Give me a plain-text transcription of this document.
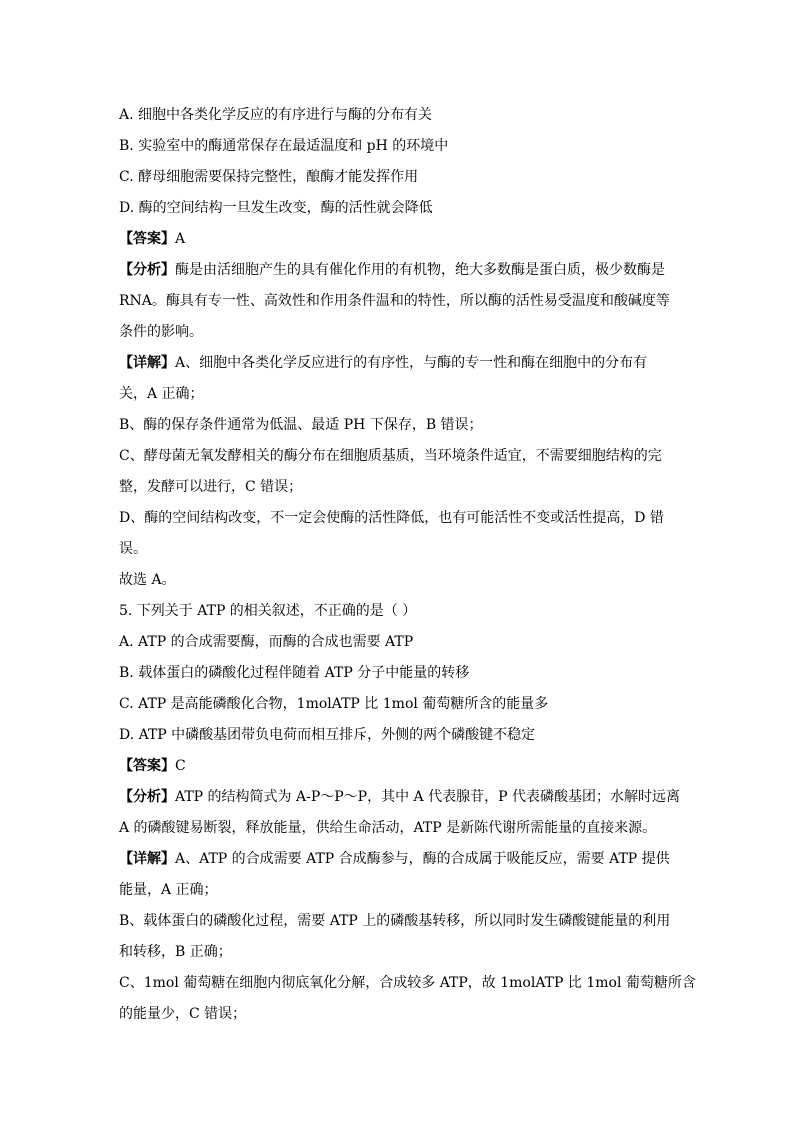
A. 细胞中各类化学反应的有序进行与酶的分布有关
B. 实验室中的酶通常保存在最适温度和 pH 的环境中
C. 酵母细胞需要保持完整性，酿酶才能发挥作用
D. 酶的空间结构一旦发生改变，酶的活性就会降低
【答案】A
【分析】酶是由活细胞产生的具有催化作用的有机物，绝大多数酶是蛋白质，极少数酶是
RNA。酶具有专一性、高效性和作用条件温和的特性，所以酶的活性易受温度和酸碱度等
条件的影响。
【详解】A、细胞中各类化学反应进行的有序性，与酶的专一性和酶在细胞中的分布有
关，A 正确；
B、酶的保存条件通常为低温、最适 PH 下保存，B 错误；
C、酵母菌无氧发酵相关的酶分布在细胞质基质，当环境条件适宜，不需要细胞结构的完
整，发酵可以进行，C 错误；
D、酶的空间结构改变，不一定会使酶的活性降低，也有可能活性不变或活性提高，D 错
误。
故选 A。
5. 下列关于 ATP 的相关叙述，不正确的是（ ）
A. ATP 的合成需要酶，而酶的合成也需要 ATP
B. 载体蛋白的磷酸化过程伴随着 ATP 分子中能量的转移
C. ATP 是高能磷酸化合物，1molATP 比 1mol 葡萄糖所含的能量多
D. ATP 中磷酸基团带负电荷而相互排斥，外侧的两个磷酸键不稳定
【答案】C
【分析】ATP 的结构简式为 A-P～P～P，其中 A 代表腺苷，P 代表磷酸基团；水解时远离
A 的磷酸键易断裂，释放能量，供给生命活动，ATP 是新陈代谢所需能量的直接来源。
【详解】A、ATP 的合成需要 ATP 合成酶参与，酶的合成属于吸能反应，需要 ATP 提供
能量，A 正确；
B、载体蛋白的磷酸化过程，需要 ATP 上的磷酸基转移，所以同时发生磷酸键能量的利用
和转移，B 正确；
C、1mol 葡萄糖在细胞内彻底氧化分解，合成较多 ATP，故 1molATP 比 1mol 葡萄糖所含
的能量少，C 错误；
